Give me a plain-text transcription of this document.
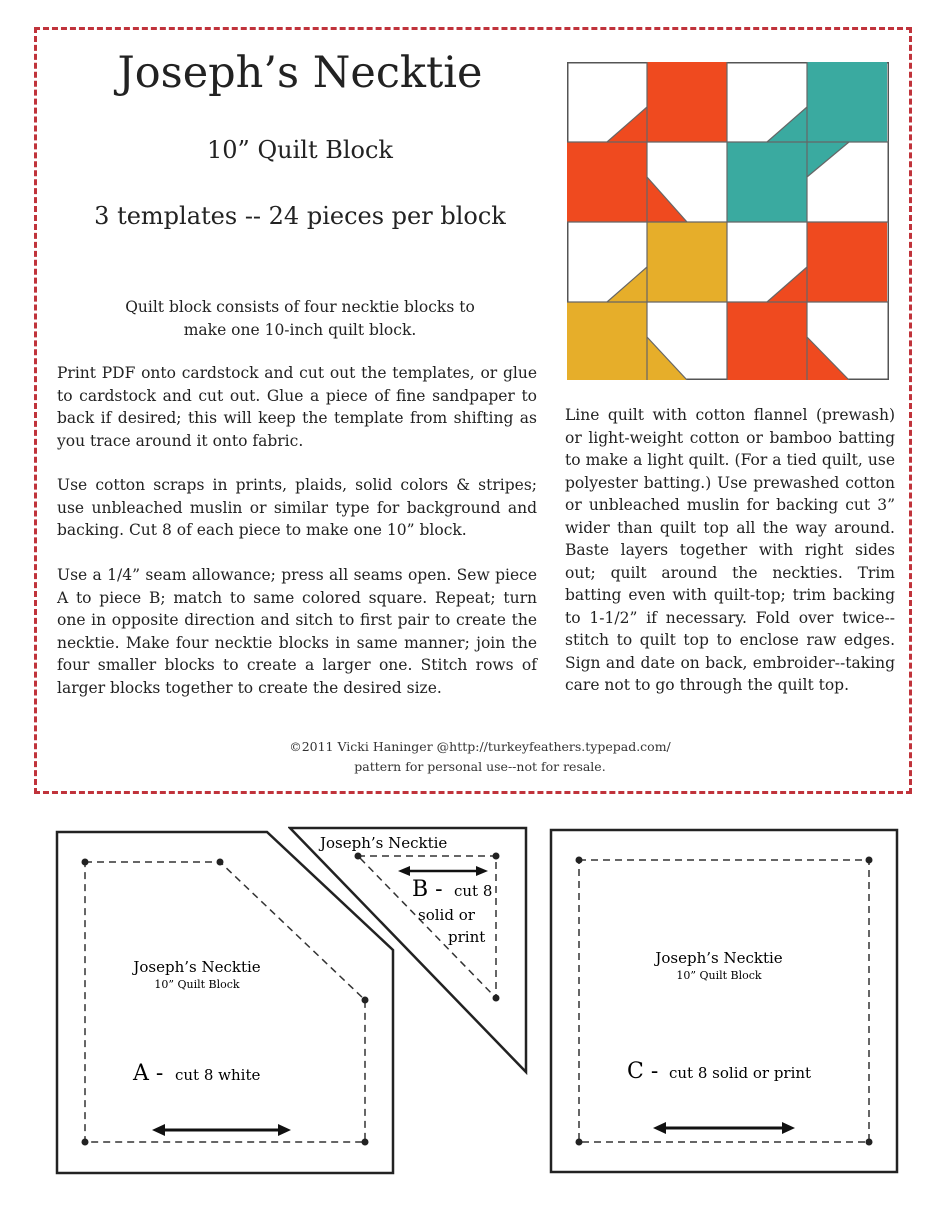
Joseph’s Necktie
10” Quilt Block
3 templates -- 24 pieces per block
Quilt block consists of four necktie blocks to
make one 10-inch quilt block.
Print PDF onto cardstock and cut out the templates, or glue to cardstock and cut out. Glue a piece of fine sandpaper to back if desired; this will keep the template from shifting as you trace around it onto fabric.
Use cotton scraps in prints, plaids, solid colors & stripes; use unbleached muslin or similar type for background and backing. Cut 8 of each piece to make one 10” block.
Use a 1/4” seam allowance; press all seams open. Sew piece A to piece B; match to same colored square. Repeat; turn one in opposite direction and sitch to first pair to create the necktie. Make four necktie blocks in same manner; join the four smaller blocks to create a larger one. Stitch rows of larger blocks together to create the desired size.
Line quilt with cotton flannel (prewash) or light-weight cotton or bamboo batting to make a light quilt. (For a tied quilt, use polyester batting.) Use prewashed cotton or unbleached muslin for backing cut 3” wider than quilt top all the way around. Baste layers together with right sides out; quilt around the neckties. Trim batting even with quilt-top; trim backing to 1-1/2” if necessary. Fold over twice--stitch to quilt top to enclose raw edges. Sign and date on back, embroider--taking care not to go through the quilt top.
©2011 Vicki Haninger @http://turkeyfeathers.typepad.com/
pattern for personal use--not for resale.
Joseph’s Necktie
10” Quilt Block
A - cut 8 white
Joseph’s Necktie
B - cut 8
solid or
print
Joseph’s Necktie
10” Quilt Block
C - cut 8 solid or print
